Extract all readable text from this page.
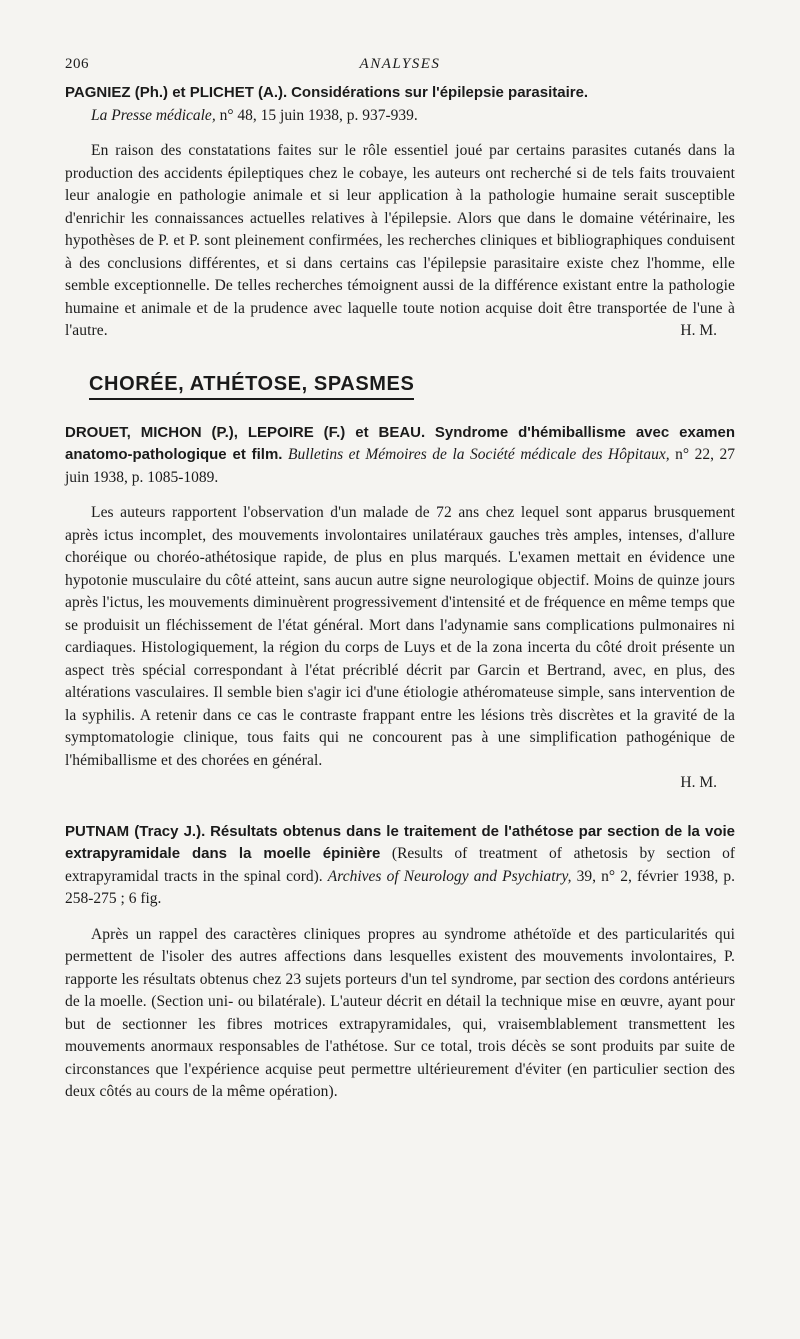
206	ANALYSES

PAGNIEZ (Ph.) et PLICHET (A.). Considérations sur l'épilepsie parasitaire.
La Presse médicale, n° 48, 15 juin 1938, p. 937-939.

En raison des constatations faites sur le rôle essentiel joué par certains parasites cutanés dans la production des accidents épileptiques chez le cobaye, les auteurs ont recherché si de tels faits trouvaient leur analogie en pathologie animale et si leur application à la pathologie humaine serait susceptible d'enrichir les connaissances actuelles relatives à l'épilepsie. Alors que dans le domaine vétérinaire, les hypothèses de P. et P. sont pleinement confirmées, les recherches cliniques et bibliographiques conduisent à des conclusions différentes, et si dans certains cas l'épilepsie parasitaire existe chez l'homme, elle semble exceptionnelle. De telles recherches témoignent aussi de la différence existant entre la pathologie humaine et animale et de la prudence avec laquelle toute notion acquise doit être transportée de l'une à l'autre.	H. M.

CHORÉE, ATHÉTOSE, SPASMES

DROUET, MICHON (P.), LEPOIRE (F.) et BEAU. Syndrome d'hémiballisme avec examen anatomo-pathologique et film. Bulletins et Mémoires de la Société médicale des Hôpitaux, n° 22, 27 juin 1938, p. 1085-1089.

Les auteurs rapportent l'observation d'un malade de 72 ans chez lequel sont apparus brusquement après ictus incomplet, des mouvements involontaires unilatéraux gauches très amples, intenses, d'allure choréique ou choréo-athétosique rapide, de plus en plus marqués. L'examen mettait en évidence une hypotonie musculaire du côté atteint, sans aucun autre signe neurologique objectif. Moins de quinze jours après l'ictus, les mouvements diminuèrent progressivement d'intensité et de fréquence en même temps que se produisit un fléchissement de l'état général. Mort dans l'adynamie sans complications pulmonaires ni cardiaques. Histologiquement, la région du corps de Luys et de la zona incerta du côté droit présente un aspect très spécial correspondant à l'état précriblé décrit par Garcin et Bertrand, avec, en plus, des altérations vasculaires. Il semble bien s'agir ici d'une étiologie athéromateuse simple, sans intervention de la syphilis. A retenir dans ce cas le contraste frappant entre les lésions très discrètes et la gravité de la symptomatologie clinique, tous faits qui ne concourent pas à une simplification pathogénique de l'hémiballisme et des chorées en général.

H. M.

PUTNAM (Tracy J.). Résultats obtenus dans le traitement de l'athétose par section de la voie extrapyramidale dans la moelle épinière (Results of treatment of athetosis by section of extrapyramidal tracts in the spinal cord). Archives of Neurology and Psychiatry, 39, n° 2, février 1938, p. 258-275 ; 6 fig.

Après un rappel des caractères cliniques propres au syndrome athétoïde et des particularités qui permettent de l'isoler des autres affections dans lesquelles existent des mouvements involontaires, P. rapporte les résultats obtenus chez 23 sujets porteurs d'un tel syndrome, par section des cordons antérieurs de la moelle. (Section uni- ou bilatérale). L'auteur décrit en détail la technique mise en œuvre, ayant pour but de sectionner les fibres motrices extrapyramidales, qui, vraisemblablement transmettent les mouvements anormaux responsables de l'athétose. Sur ce total, trois décès se sont produits par suite de circonstances que l'expérience acquise peut permettre ultérieurement d'éviter (en particulier section des deux côtés au cours de la même opération).
